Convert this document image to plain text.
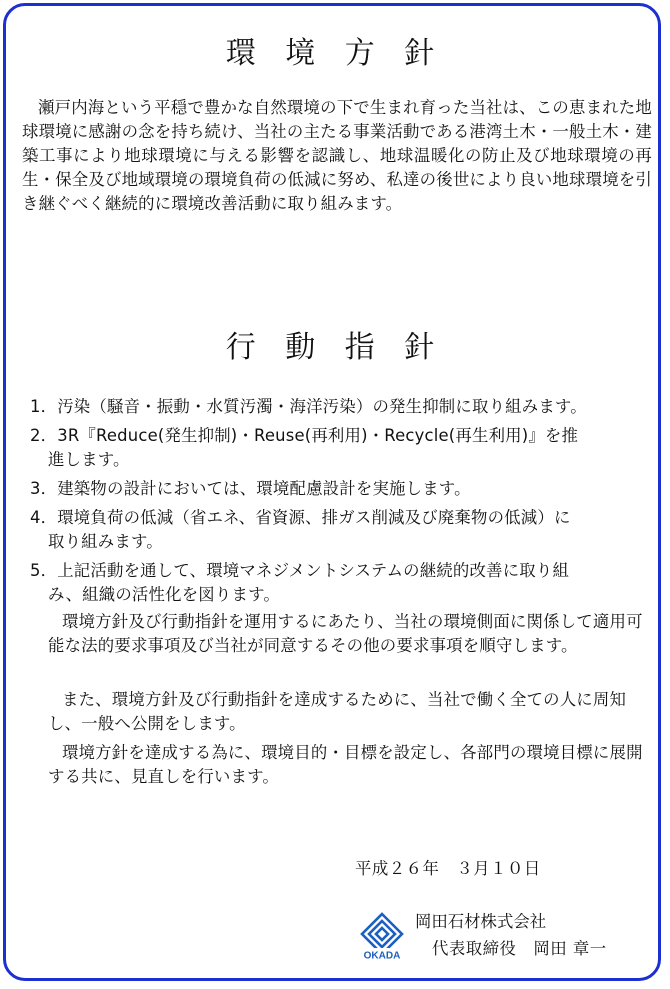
環 境 方 針
瀬戸内海という平穏で豊かな自然環境の下で生まれ育った当社は、この恵まれた地球環境に感謝の念を持ち続け、当社の主たる事業活動である港湾土木・一般土木・建築工事により地球環境に与える影響を認識し、地球温暖化の防止及び地球環境の再生・保全及び地域環境の環境負荷の低減に努め、私達の後世により良い地球環境を引き継ぐべく継続的に環境改善活動に取り組みます。
行 動 指 針
1．汚染（騒音・振動・水質汚濁・海洋汚染）の発生抑制に取り組みます。
2．3R『Reduce(発生抑制)・Reuse(再利用)・Recycle(再生利用)』を推
進します。
3．建築物の設計においては、環境配慮設計を実施します。
4．環境負荷の低減（省エネ、省資源、排ガス削減及び廃棄物の低減）に
取り組みます。
5．上記活動を通して、環境マネジメントシステムの継続的改善に取り組
み、組織の活性化を図ります。
環境方針及び行動指針を運用するにあたり、当社の環境側面に関係して適用可能な法的要求事項及び当社が同意するその他の要求事項を順守します。
また、環境方針及び行動指針を達成するために、当社で働く全ての人に周知し、一般へ公開をします。
環境方針を達成する為に、環境目的・目標を設定し、各部門の環境目標に展開する共に、見直しを行います。
平成２６年　３月１０日
OKADA
岡田石材株式会社
代表取締役　岡田 章一
